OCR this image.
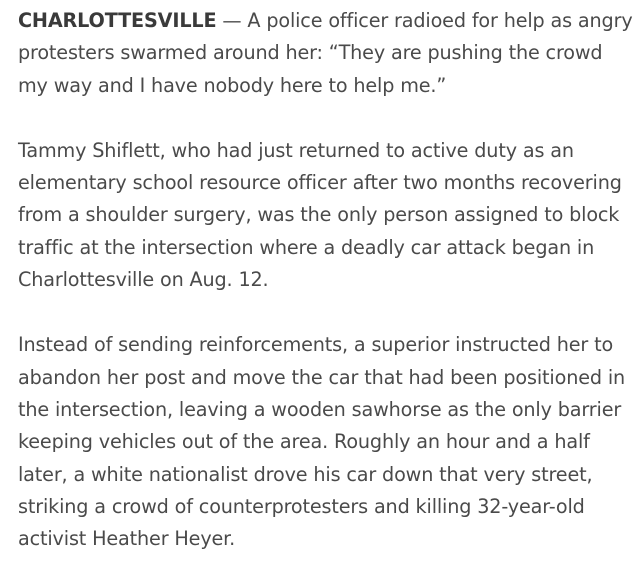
CHARLOTTESVILLE — A police officer radioed for help as angry protesters swarmed around her: “They are pushing the crowd my way and I have nobody here to help me.”

Tammy Shiflett, who had just returned to active duty as an elementary school resource officer after two months recovering from a shoulder surgery, was the only person assigned to block traffic at the intersection where a deadly car attack began in Charlottesville on Aug. 12.

Instead of sending reinforcements, a superior instructed her to abandon her post and move the car that had been positioned in the intersection, leaving a wooden sawhorse as the only barrier keeping vehicles out of the area. Roughly an hour and a half later, a white nationalist drove his car down that very street, striking a crowd of counterprotesters and killing 32-year-old activist Heather Heyer.
